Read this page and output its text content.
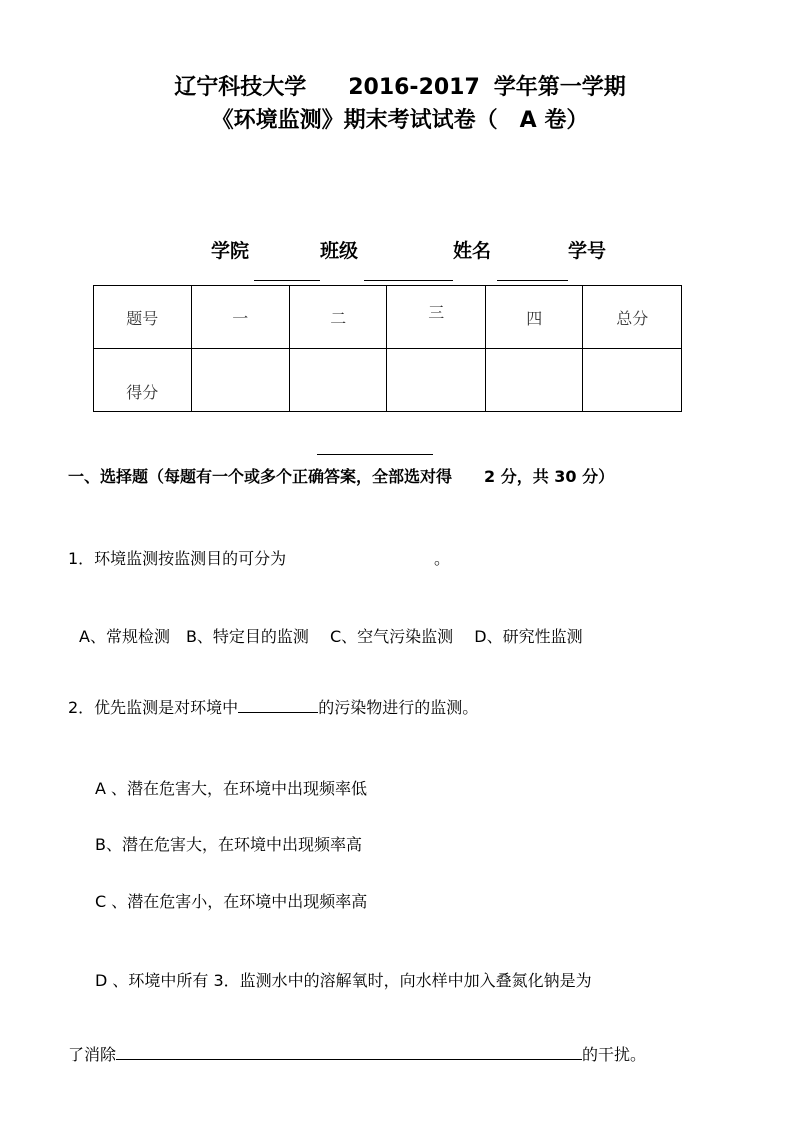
辽宁科技大学 2016-2017 学年第一学期
《环境监测》期末考试试卷（　A 卷）
学院	班级	姓名	学号
题号	一	二	三	四	总分
得分					
一、选择题（每题有一个或多个正确答案，全部选对得　　2 分，共 30 分）
1．环境监测按监测目的可分为	。
A、常规检测　B、特定目的监测　 C、空气污染监测　 D、研究性监测
2．优先监测是对环境中	的污染物进行的监测。
A 、潜在危害大，在环境中出现频率低
B、潜在危害大，在环境中出现频率高
C 、潜在危害小，在环境中出现频率高
D 、环境中所有 3．监测水中的溶解氧时，向水样中加入叠氮化钠是为
了消除	的干扰。
